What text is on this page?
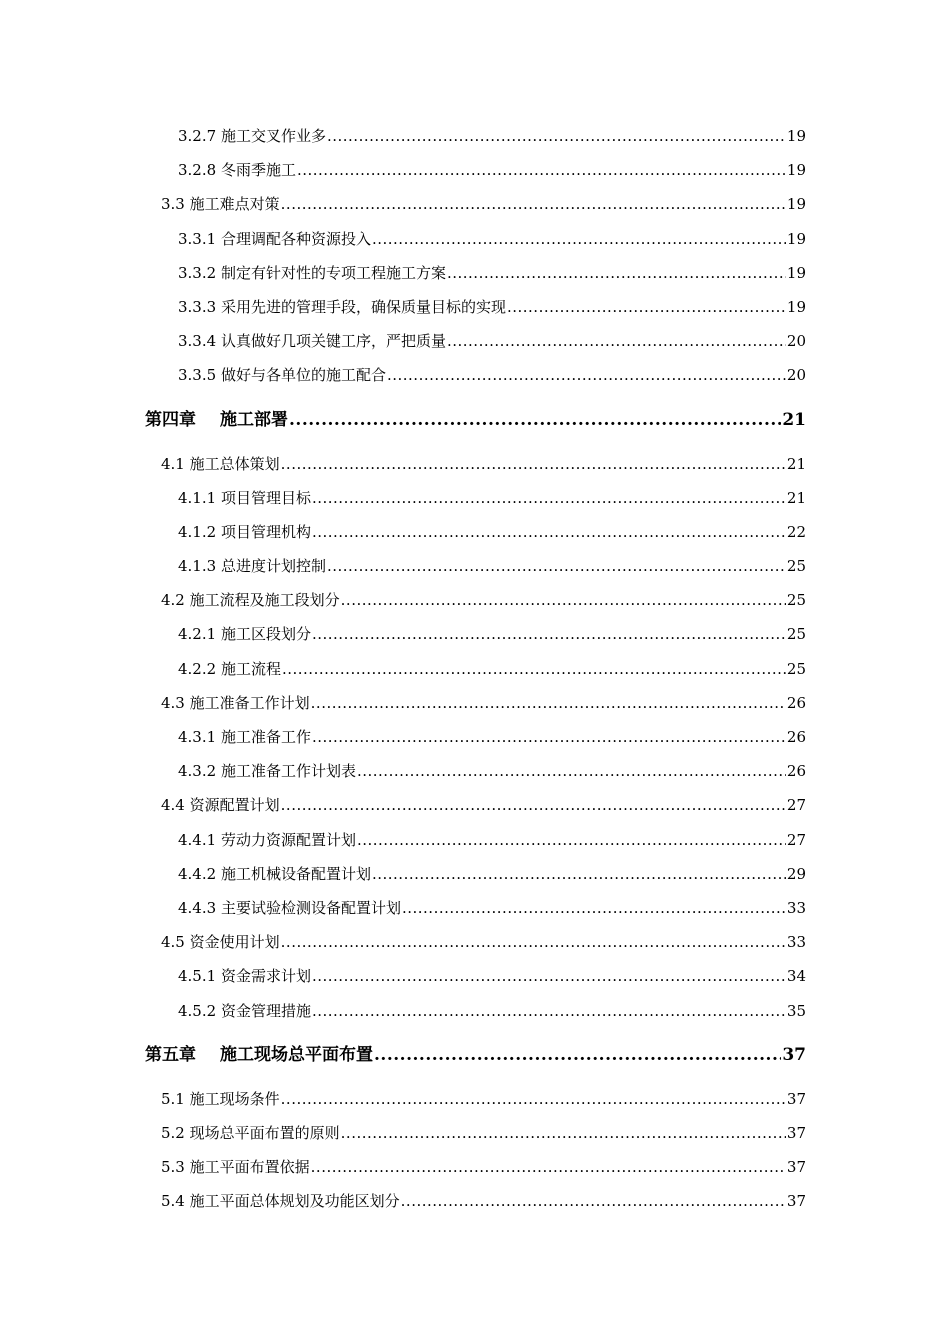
3.2.7 施工交叉作业多 .....	19
3.2.8 冬雨季施工 .....	19
3.3 施工难点对策 .....	19
3.3.1 合理调配各种资源投入 .....	19
3.3.2 制定有针对性的专项工程施工方案 .....	19
3.3.3 采用先进的管理手段，确保质量目标的实现 .....	19
3.3.4 认真做好几项关键工序，严把质量 .....	20
3.3.5 做好与各单位的施工配合 .....	20
第四章 施工部署 .....	21
4.1 施工总体策划 .....	21
4.1.1 项目管理目标 .....	21
4.1.2 项目管理机构 .....	22
4.1.3 总进度计划控制 .....	25
4.2 施工流程及施工段划分 .....	25
4.2.1 施工区段划分 .....	25
4.2.2 施工流程 .....	25
4.3 施工准备工作计划 .....	26
4.3.1 施工准备工作 .....	26
4.3.2 施工准备工作计划表 .....	26
4.4 资源配置计划 .....	27
4.4.1 劳动力资源配置计划 .....	27
4.4.2 施工机械设备配置计划 .....	29
4.4.3 主要试验检测设备配置计划 .....	33
4.5 资金使用计划 .....	33
4.5.1 资金需求计划 .....	34
4.5.2 资金管理措施 .....	35
第五章 施工现场总平面布置 .....	37
5.1 施工现场条件 .....	37
5.2 现场总平面布置的原则 .....	37
5.3 施工平面布置依据 .....	37
5.4 施工平面总体规划及功能区划分 .....	37
